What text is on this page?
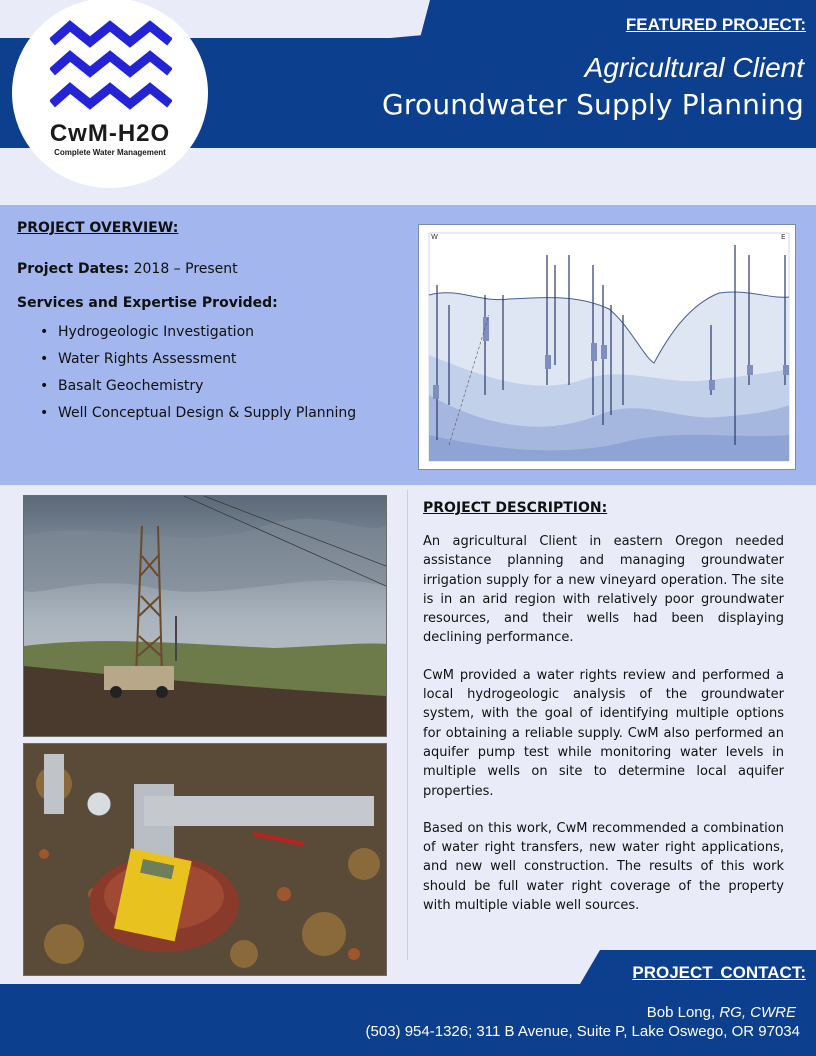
FEATURED PROJECT:
Agricultural Client
Groundwater Supply Planning
CwM-H2O
Complete Water Management
PROJECT OVERVIEW:
Project Dates: 2018 – Present
Services and Expertise Provided:
• Hydrogeologic Investigation
• Water Rights Assessment
• Basalt Geochemistry
• Well Conceptual Design & Supply Planning
W	E
PROJECT DESCRIPTION:

An agricultural Client in eastern Oregon needed assistance planning and managing groundwater irrigation supply for a new vineyard operation. The site is in an arid region with relatively poor groundwater resources, and their wells had been displaying declining performance.

CwM provided a water rights review and performed a local hydrogeologic analysis of the groundwater system, with the goal of identifying multiple options for obtaining a reliable supply. CwM also performed an aquifer pump test while monitoring water levels in multiple wells on site to determine local aquifer properties.

Based on this work, CwM recommended a combination of water right transfers, new water right applications, and new well construction. The results of this work should be full water right coverage of the property with multiple viable well sources.

PROJECT CONTACT:
Bob Long, RG, CWRE
(503) 954-1326; 311 B Avenue, Suite P, Lake Oswego, OR 97034
